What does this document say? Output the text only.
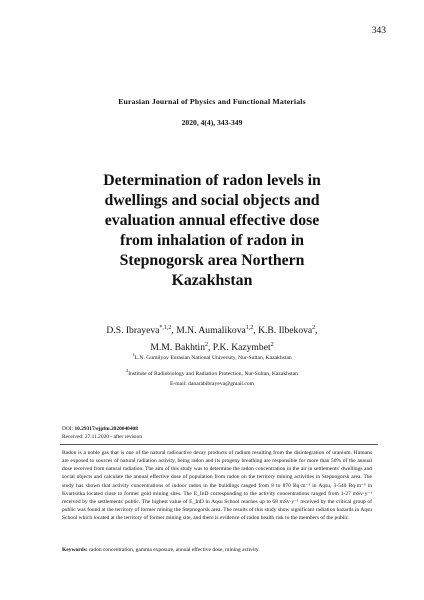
343
Eurasian Journal of Physics and Functional Materials
2020, 4(4), 343-349
Determination of radon levels in
dwellings and social objects and
evaluation annual effective dose
from inhalation of radon in
Stepnogorsk area Northern
Kazakhstan
D.S. Ibrayeva$^{*,1,2}$, M.N. Aumalikova$^{1,2}$, K.B. Ilbekova$^2$,
M.M. Bakhtin$^2$, P.K. Kazymbet$^2$
$^1$L.N. Gumilyov Eurasian National University, Nur-Sultan, Kazakhstan
$^2$Institute of Radiobiology and Radiation Protection, Nur-Sultan, Kazakhstan
E-mail: danarabibrayeva@gmail.com
DOI: 10.29317/ejpfm.2020040408
Received: 27.11.2020 - after revision

Radon is a noble gas that is one of the natural radioactive decay products of radium resulting from the disintegration of uranium. Humans are exposed to sources of natural radiation activity, being radon and its progeny breathing are responsible for more than 50% of the annual dose received from natural radiation. The aim of this study was to determine the radon concentration in the air in settlements' dwellings and social objects and calculate the annual effective dose of population from radon on the territory mining activities in Stepnogorsk area. The study has shown that activity concentrations of indoor radon in the buildings ranged from 8 to 870 Bq·m⁻³ in Aqsu, 3-540 Bq·m⁻³ in Kvartsitka located close to former gold mining sites. The E_InD corresponding to the activity concentrations ranged from 1-27 mSv·y⁻¹ received by the settlements' public. The highest value of E_InD in Aqsu School reaches up to 68 mSv·y⁻¹ received by the critical group of public was found at the territory of former mining the Stepnogorsk area. The results of this study show significant radiation hazards in Aqsu School which located at the territory of former mining site, and there is evidence of radon health risk to the members of the public.

Keywords: radon concentration, gamma exposure, annual effective dose, mining activity.
